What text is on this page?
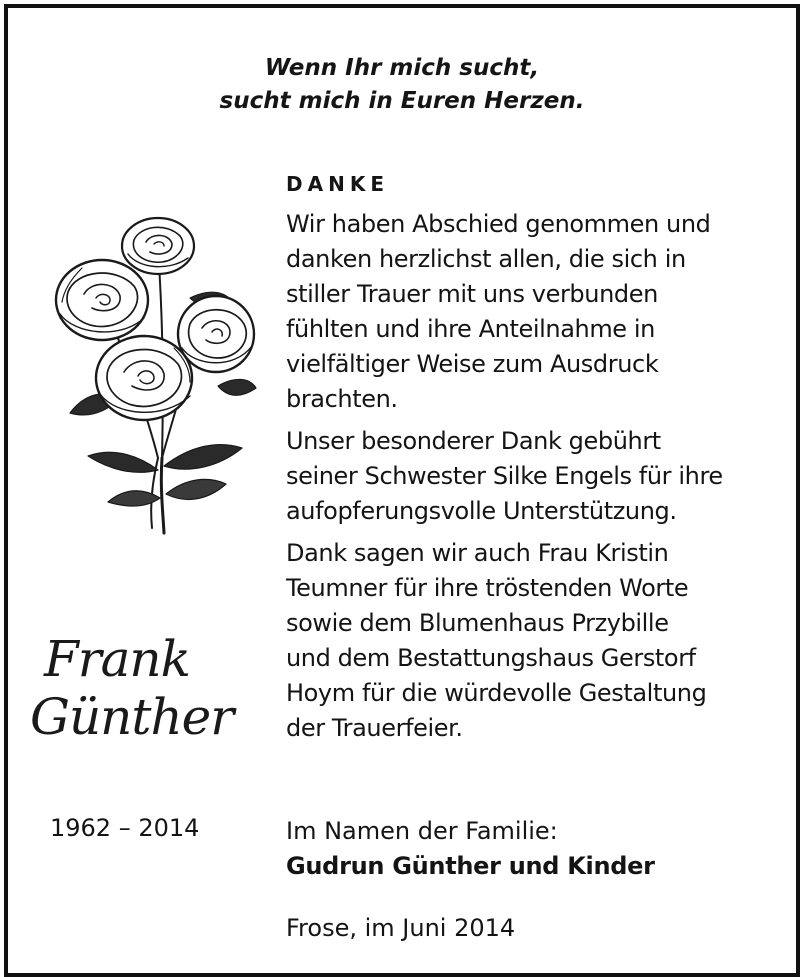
Wenn Ihr mich sucht,
sucht mich in Euren Herzen.
DANKE

Wir haben Abschied genommen und
danken herzlichst allen, die sich in
stiller Trauer mit uns verbunden
fühlten und ihre Anteilnahme in
vielfältiger Weise zum Ausdruck
brachten.

Unser besonderer Dank gebührt
seiner Schwester Silke Engels für ihre
aufopferungsvolle Unterstützung.

Dank sagen wir auch Frau Kristin
Teumner für ihre tröstenden Worte
sowie dem Blumenhaus Przybille
und dem Bestattungshaus Gerstorf
Hoym für die würdevolle Gestaltung
der Trauerfeier.

Frank
Günther
1962 – 2014	Im Namen der Familie:
Gudrun Günther und Kinder
Frose, im Juni 2014
